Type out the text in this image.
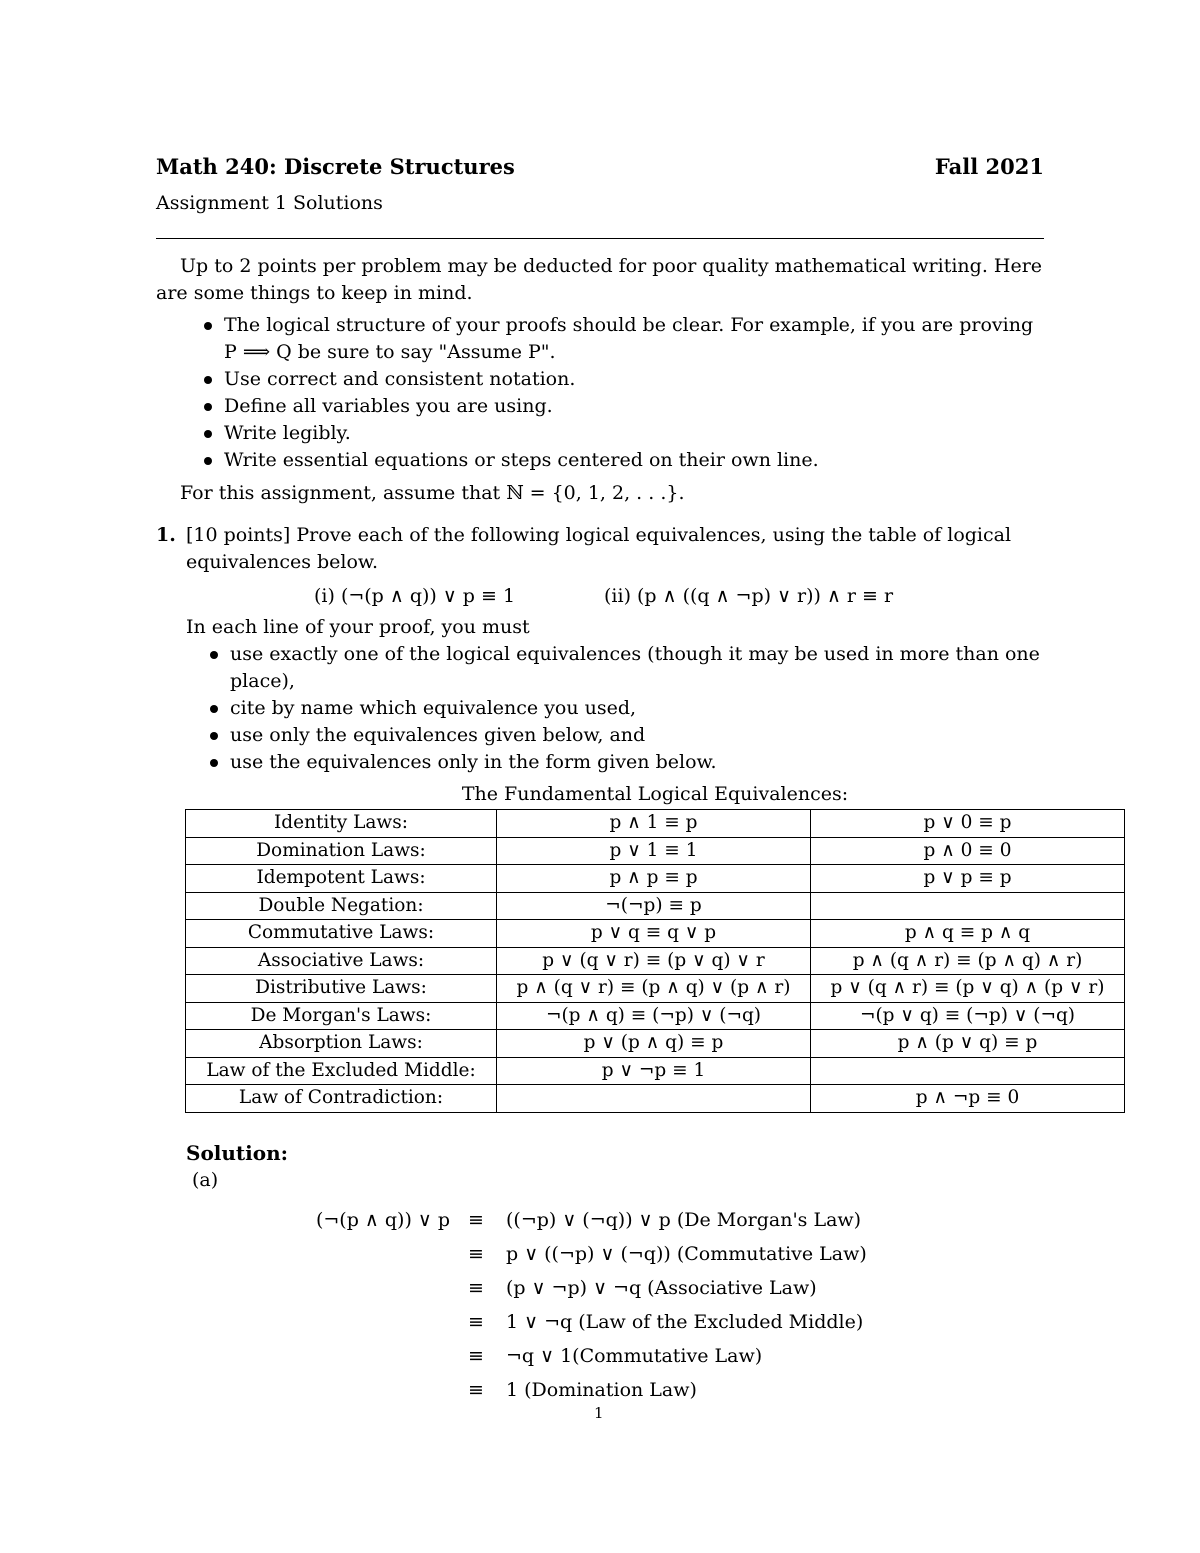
Math 240: Discrete Structures	Fall 2021
Assignment 1 Solutions
Up to 2 points per problem may be deducted for poor quality mathematical writing. Here are some things to keep in mind.
The logical structure of your proofs should be clear. For example, if you are proving P ⟹ Q be sure to say "Assume P".
Use correct and consistent notation.
Define all variables you are using.
Write legibly.
Write essential equations or steps centered on their own line.
For this assignment, assume that ℕ = {0, 1, 2, . . .}.
1. [10 points] Prove each of the following logical equivalences, using the table of logical equivalences below.
(i) (¬(p ∧ q)) ∨ p ≡ 1	(ii) (p ∧ ((q ∧ ¬p) ∨ r)) ∧ r ≡ r
In each line of your proof, you must
use exactly one of the logical equivalences (though it may be used in more than one place),
cite by name which equivalence you used,
use only the equivalences given below, and
use the equivalences only in the form given below.
The Fundamental Logical Equivalences:
Identity Laws:	p ∧ 1 ≡ p	p ∨ 0 ≡ p
Domination Laws:	p ∨ 1 ≡ 1	p ∧ 0 ≡ 0
Idempotent Laws:	p ∧ p ≡ p	p ∨ p ≡ p
Double Negation:	¬(¬p) ≡ p	
Commutative Laws:	p ∨ q ≡ q ∨ p	p ∧ q ≡ p ∧ q
Associative Laws:	p ∨ (q ∨ r) ≡ (p ∨ q) ∨ r	p ∧ (q ∧ r) ≡ (p ∧ q) ∧ r)
Distributive Laws:	p ∧ (q ∨ r) ≡ (p ∧ q) ∨ (p ∧ r)	p ∨ (q ∧ r) ≡ (p ∨ q) ∧ (p ∨ r)
De Morgan's Laws:	¬(p ∧ q) ≡ (¬p) ∨ (¬q)	¬(p ∨ q) ≡ (¬p) ∨ (¬q)
Absorption Laws:	p ∨ (p ∧ q) ≡ p	p ∧ (p ∨ q) ≡ p
Law of the Excluded Middle:	p ∨ ¬p ≡ 1	
Law of Contradiction:		p ∧ ¬p ≡ 0
Solution:
(a)
(¬(p ∧ q)) ∨ p ≡ ((¬p) ∨ (¬q)) ∨ p (De Morgan's Law)
≡ p ∨ ((¬p) ∨ (¬q)) (Commutative Law)
≡ (p ∨ ¬p) ∨ ¬q (Associative Law)
≡ 1 ∨ ¬q (Law of the Excluded Middle)
≡ ¬q ∨ 1(Commutative Law)
≡ 1 (Domination Law)
1
